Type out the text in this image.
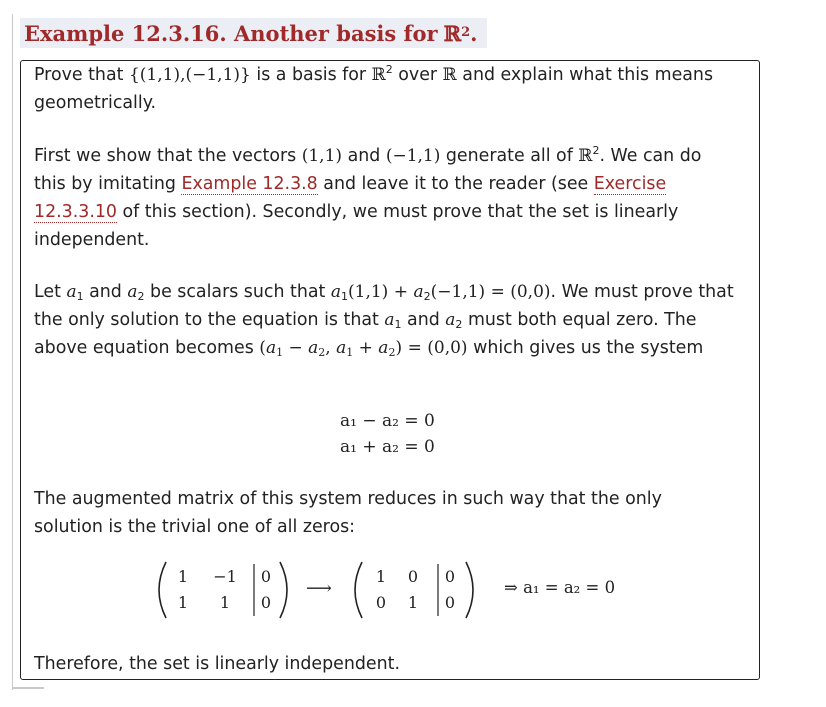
Example 12.3.16.
Another basis for ℝ 2 .

Prove that {(1,1),(−1,1)} is a basis for ℝ$^2$ over ℝ and explain what this means geometrically.

First we show that the vectors (1,1) and (−1,1) generate all of ℝ$^2$. We can do this by imitating Example 12.3.8 and leave it to the reader (see Exercise 12.3.3.10 of this section). Secondly, we must prove that the set is linearly independent.

Let $a_1$ and $a_2$ be scalars such that $a_1(1,1) + a_2(-1,1) = (0,0)$. We must prove that the only solution to the equation is that $a_1$ and $a_2$ must both equal zero. The above equation becomes ($a_1 - a_2$, $a_1 + a_2) = (0,0)$ which gives us the system

a₁ − a₂ = 0
a₁ + a₂ = 0

The augmented matrix of this system reduces in such way that the only solution is the trivial one of all zeros:

1	−1	0
1	1	0
⟶
1	0	0
0	1	0
⇒ a₁ = a₂ = 0

Therefore, the set is linearly independent.
